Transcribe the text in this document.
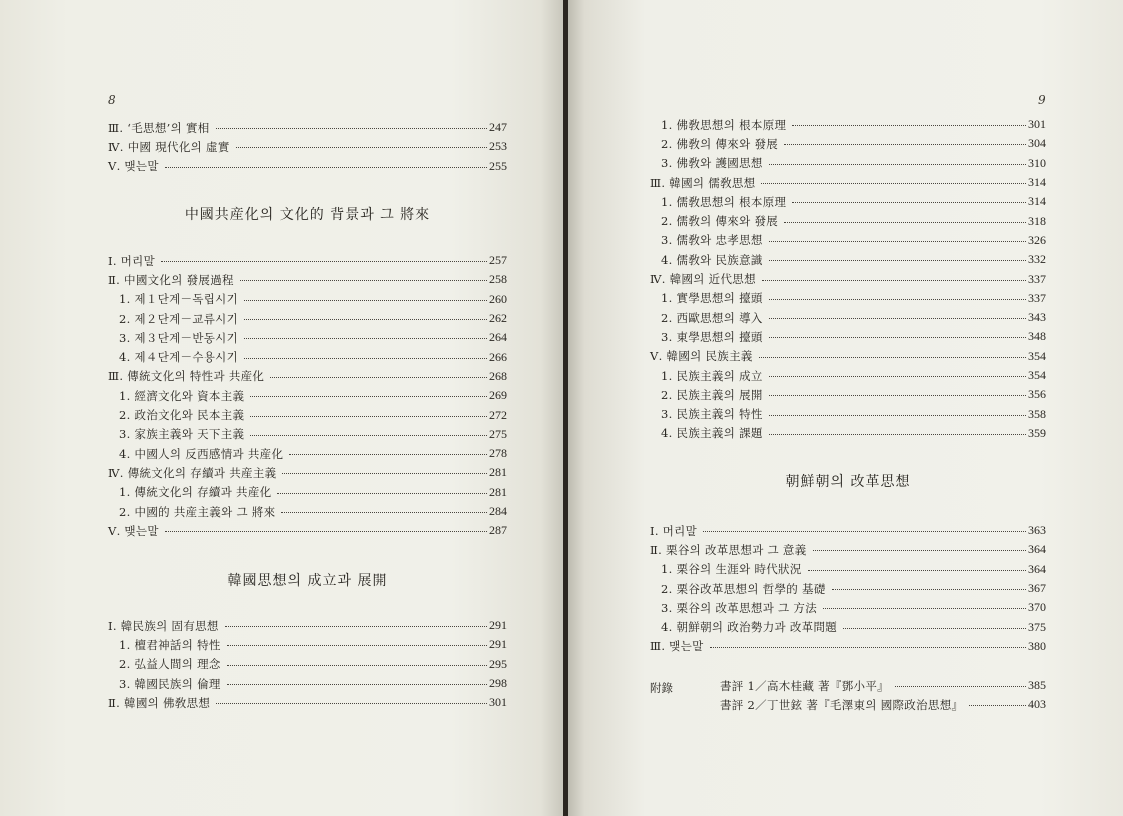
8
Ⅲ. ‘毛思想’의 實相	247
Ⅳ. 中國 現代化의 虛實	253
Ⅴ. 맺는말	255
中國共産化의 文化的 背景과 그 將來
Ⅰ. 머리말	257
Ⅱ. 中國文化의 發展過程	258
1. 제１단계－독립시기	260
2. 제２단계－교류시기	262
3. 제３단계－반동시기	264
4. 제４단계－수용시기	266
Ⅲ. 傳統文化의 特性과 共産化	268
1. 經濟文化와 資本主義	269
2. 政治文化와 民本主義	272
3. 家族主義와 天下主義	275
4. 中國人의 反西感情과 共産化	278
Ⅳ. 傳統文化의 存續과 共産主義	281
1. 傳統文化의 存續과 共産化	281
2. 中國的 共産主義와 그 將來	284
Ⅴ. 맺는말	287
韓國思想의 成立과 展開
Ⅰ. 韓民族의 固有思想	291
1. 檀君神話의 特性	291
2. 弘益人間의 理念	295
3. 韓國民族의 倫理	298
Ⅱ. 韓國의 佛敎思想	301
9
1. 佛敎思想의 根本原理	301
2. 佛敎의 傳來와 發展	304
3. 佛敎와 護國思想	310
Ⅲ. 韓國의 儒敎思想	314
1. 儒敎思想의 根本原理	314
2. 儒敎의 傳來와 發展	318
3. 儒敎와 忠孝思想	326
4. 儒敎와 民族意識	332
Ⅳ. 韓國의 近代思想	337
1. 實學思想의 擡頭	337
2. 西歐思想의 導入	343
3. 東學思想의 擡頭	348
Ⅴ. 韓國의 民族主義	354
1. 民族主義의 成立	354
2. 民族主義의 展開	356
3. 民族主義의 特性	358
4. 民族主義의 課題	359
朝鮮朝의 改革思想
Ⅰ. 머리말	363
Ⅱ. 栗谷의 改革思想과 그 意義	364
1. 栗谷의 生涯와 時代狀況	364
2. 栗谷改革思想의 哲學的 基礎	367
3. 栗谷의 改革思想과 그 方法	370
4. 朝鮮朝의 政治勢力과 改革問題	375
Ⅲ. 맺는말	380
附錄	書評 1／高木桂藏 著『鄧小平』	385
書評 2／丁世鉉 著『毛澤東의 國際政治思想』	403
